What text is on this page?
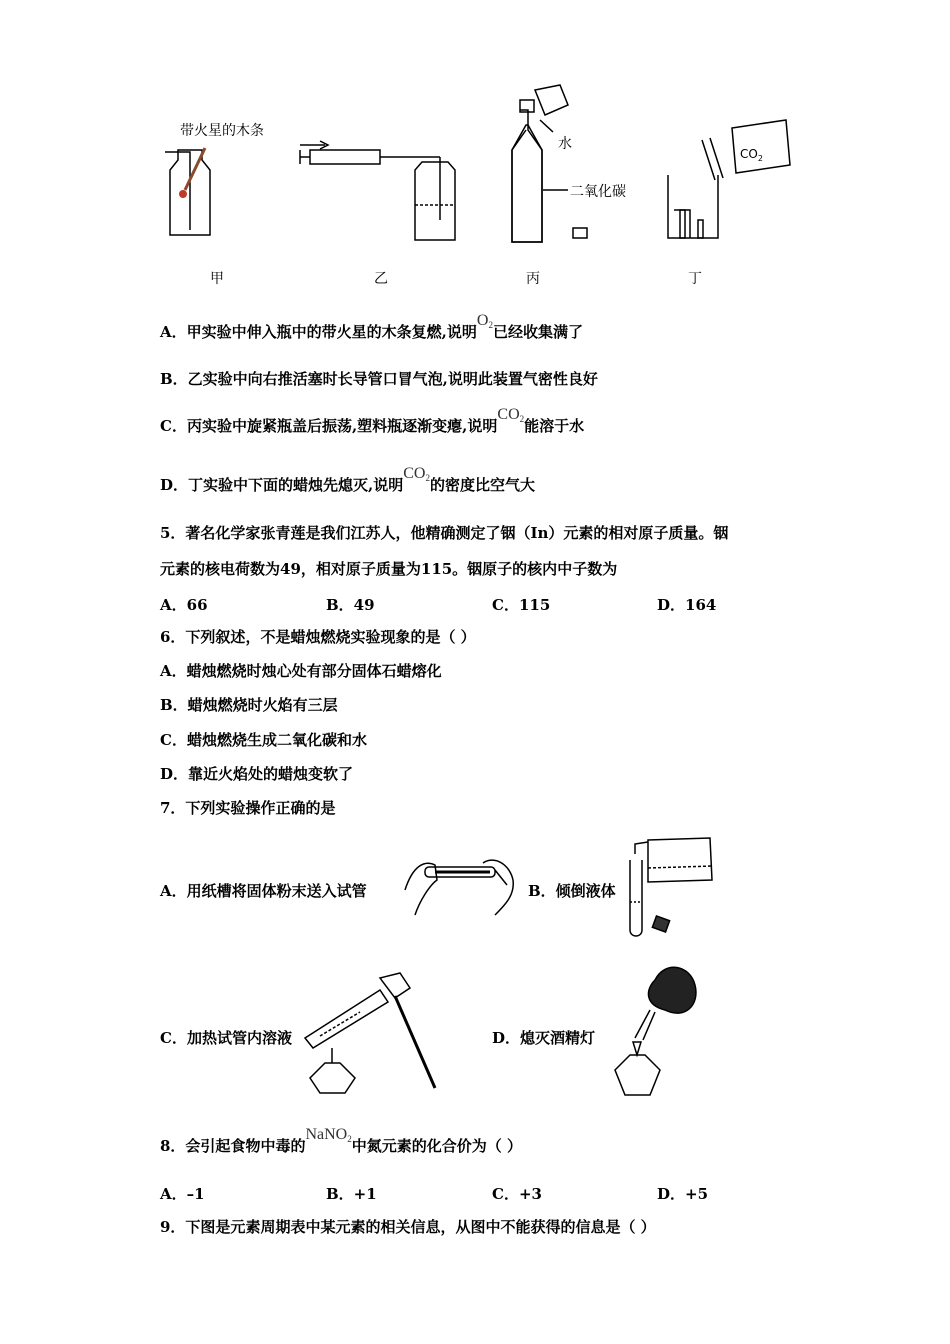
水
二氧化碳
$CO_2$
带火星的木条
甲	乙	丙	丁
A．甲实验中伸入瓶中的带火星的木条复燃,说明$O_2$已经收集满了
B．乙实验中向右推活塞时长导管口冒气泡,说明此装置气密性良好
C．丙实验中旋紧瓶盖后振荡,塑料瓶逐渐变瘪,说明$CO_2$能溶于水
D．丁实验中下面的蜡烛先熄灭,说明$CO_2$的密度比空气大
5．著名化学家张青莲是我们江苏人，他精确测定了铟（In）元素的相对原子质量。铟
元素的核电荷数为49，相对原子质量为115。铟原子的核内中子数为
A．66	B．49	C．115	D．164
6．下列叙述，不是蜡烛燃烧实验现象的是（ ）
A．蜡烛燃烧时烛心处有部分固体石蜡熔化
B．蜡烛燃烧时火焰有三层
C．蜡烛燃烧生成二氧化碳和水
D．靠近火焰处的蜡烛变软了
7．下列实验操作正确的是
A．用纸槽将固体粉末送入试管	B．倾倒液体
C．加热试管内溶液	D．熄灭酒精灯
8．会引起食物中毒的NaNO$_2$中氮元素的化合价为（ ）
A．–1	B．+1	C．+3	D．+5
9．下图是元素周期表中某元素的相关信息，从图中不能获得的信息是（ ）
